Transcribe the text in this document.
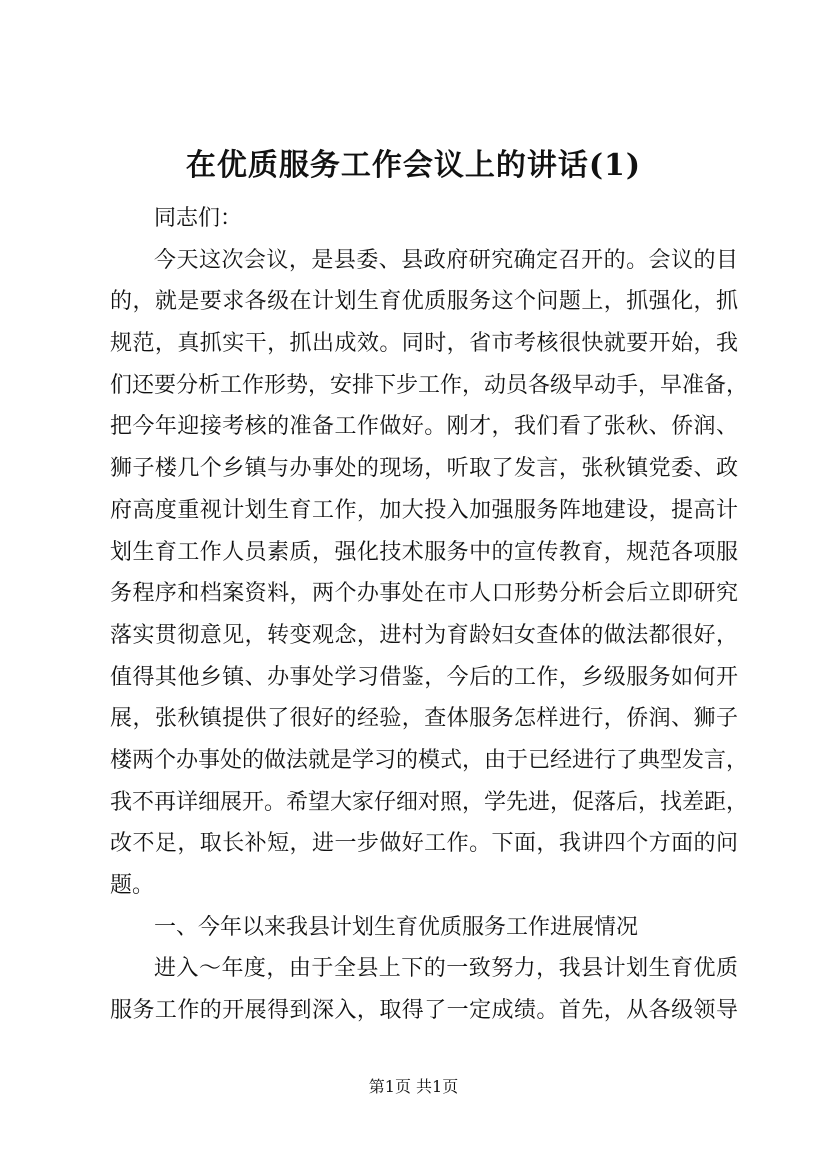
在优质服务工作会议上的讲话(1)
同志们：
今天这次会议，是县委、县政府研究确定召开的。会议的目
的，就是要求各级在计划生育优质服务这个问题上，抓强化，抓
规范，真抓实干，抓出成效。同时，省市考核很快就要开始，我
们还要分析工作形势，安排下步工作，动员各级早动手，早准备，
把今年迎接考核的准备工作做好。刚才，我们看了张秋、侨润、
狮子楼几个乡镇与办事处的现场，听取了发言，张秋镇党委、政
府高度重视计划生育工作，加大投入加强服务阵地建设，提高计
划生育工作人员素质，强化技术服务中的宣传教育，规范各项服
务程序和档案资料，两个办事处在市人口形势分析会后立即研究
落实贯彻意见，转变观念，进村为育龄妇女查体的做法都很好，
值得其他乡镇、办事处学习借鉴，今后的工作，乡级服务如何开
展，张秋镇提供了很好的经验，查体服务怎样进行，侨润、狮子
楼两个办事处的做法就是学习的模式，由于已经进行了典型发言，
我不再详细展开。希望大家仔细对照，学先进，促落后，找差距，
改不足，取长补短，进一步做好工作。下面，我讲四个方面的问
题。
一、今年以来我县计划生育优质服务工作进展情况
进入～年度，由于全县上下的一致努力，我县计划生育优质
服务工作的开展得到深入，取得了一定成绩。首先，从各级领导
第1页 共1页
